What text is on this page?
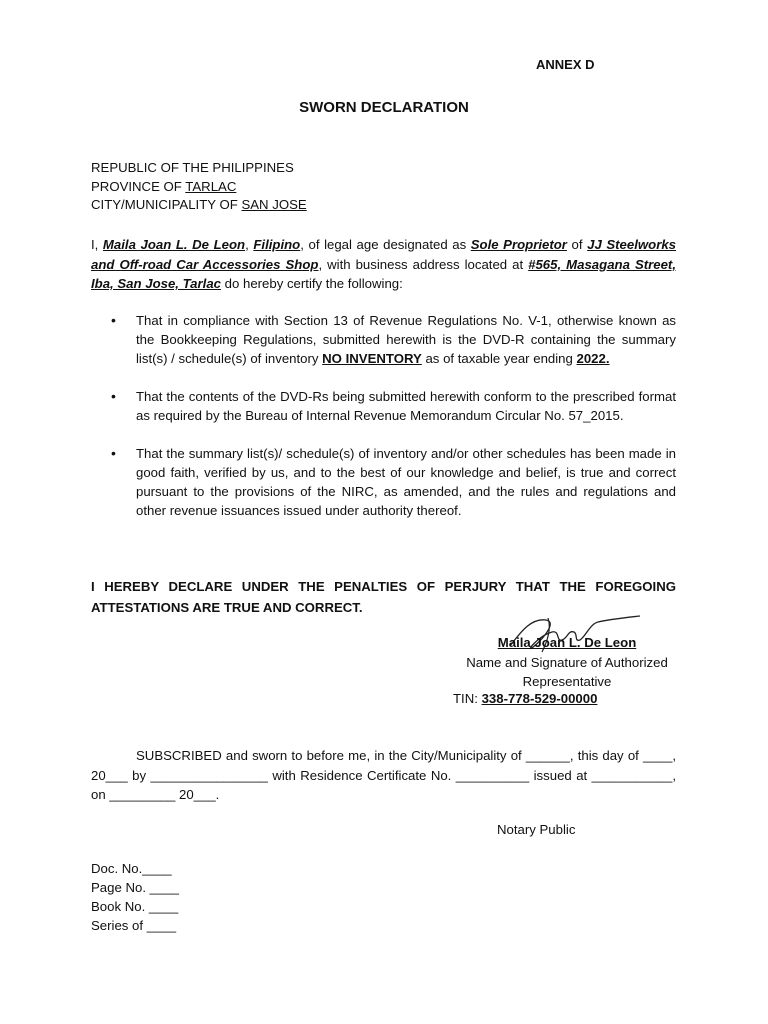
ANNEX D
SWORN DECLARATION
REPUBLIC OF THE PHILIPPINES
PROVINCE OF TARLAC
CITY/MUNICIPALITY OF SAN JOSE
I, Maila Joan L. De Leon, Filipino, of legal age designated as Sole Proprietor of JJ Steelworks and Off-road Car Accessories Shop, with business address located at #565, Masagana Street, Iba, San Jose, Tarlac do hereby certify the following:
• That in compliance with Section 13 of Revenue Regulations No. V-1, otherwise known as the Bookkeeping Regulations, submitted herewith is the DVD-R containing the summary list(s) / schedule(s) of inventory NO INVENTORY as of taxable year ending 2022.
• That the contents of the DVD-Rs being submitted herewith conform to the prescribed format as required by the Bureau of Internal Revenue Memorandum Circular No. 57_2015.
• That the summary list(s)/ schedule(s) of inventory and/or other schedules has been made in good faith, verified by us, and to the best of our knowledge and belief, is true and correct pursuant to the provisions of the NIRC, as amended, and the rules and regulations and other revenue issuances issued under authority thereof.
I HEREBY DECLARE UNDER THE PENALTIES OF PERJURY THAT THE FOREGOING ATTESTATIONS ARE TRUE AND CORRECT.
Maila Joan L. De Leon
Name and Signature of Authorized
Representative
TIN: 338-778-529-00000
SUBSCRIBED and sworn to before me, in the City/Municipality of ______, this day of ____, 20___ by ________________ with Residence Certificate No. __________ issued at ___________, on _________ 20___.
Notary Public
Doc. No.____
Page No. ____
Book No. ____
Series of ____
